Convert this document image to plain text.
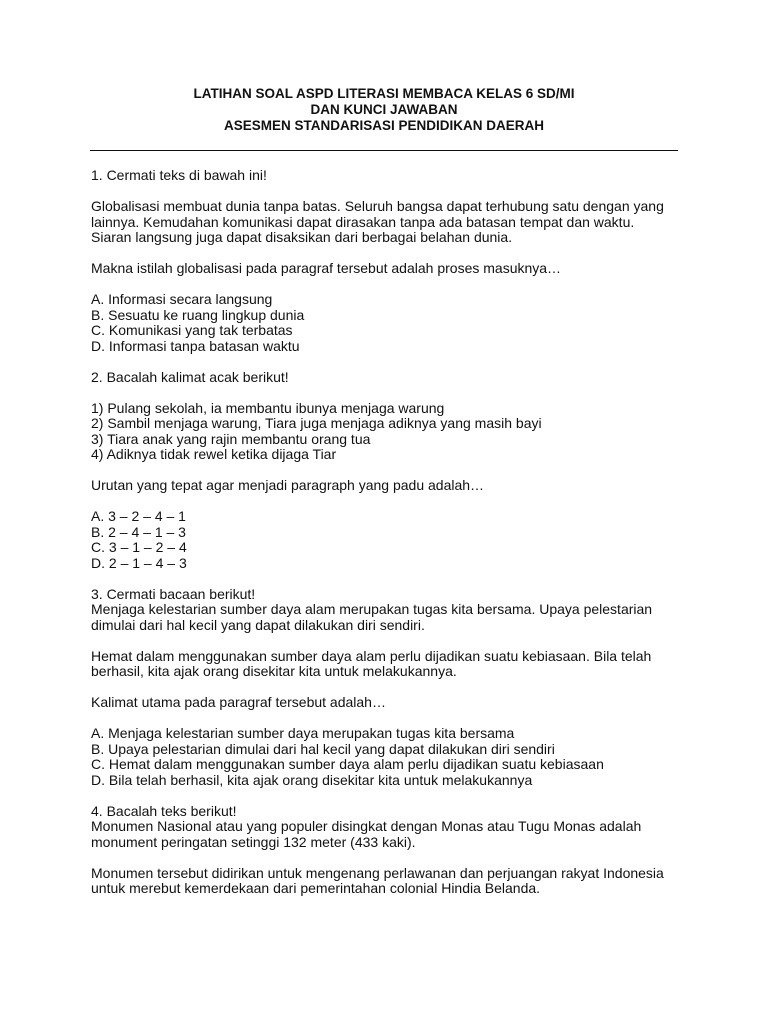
LATIHAN SOAL ASPD LITERASI MEMBACA KELAS 6 SD/MI
DAN KUNCI JAWABAN
ASESMEN STANDARISASI PENDIDIKAN DAERAH

1. Cermati teks di bawah ini!

Globalisasi membuat dunia tanpa batas. Seluruh bangsa dapat terhubung satu dengan yang

lainnya. Kemudahan komunikasi dapat dirasakan tanpa ada batasan tempat dan waktu.

Siaran langsung juga dapat disaksikan dari berbagai belahan dunia.

Makna istilah globalisasi pada paragraf tersebut adalah proses masuknya…

A. Informasi secara langsung

B. Sesuatu ke ruang lingkup dunia

C. Komunikasi yang tak terbatas

D. Informasi tanpa batasan waktu

2. Bacalah kalimat acak berikut!

1) Pulang sekolah, ia membantu ibunya menjaga warung

2) Sambil menjaga warung, Tiara juga menjaga adiknya yang masih bayi

3) Tiara anak yang rajin membantu orang tua

4) Adiknya tidak rewel ketika dijaga Tiar

Urutan yang tepat agar menjadi paragraph yang padu adalah…

A. 3 – 2 – 4 – 1

B. 2 – 4 – 1 – 3

C. 3 – 1 – 2 – 4

D. 2 – 1 – 4 – 3

3. Cermati bacaan berikut!

Menjaga kelestarian sumber daya alam merupakan tugas kita bersama. Upaya pelestarian

dimulai dari hal kecil yang dapat dilakukan diri sendiri.

Hemat dalam menggunakan sumber daya alam perlu dijadikan suatu kebiasaan. Bila telah

berhasil, kita ajak orang disekitar kita untuk melakukannya.

Kalimat utama pada paragraf tersebut adalah…

A. Menjaga kelestarian sumber daya merupakan tugas kita bersama

B. Upaya pelestarian dimulai dari hal kecil yang dapat dilakukan diri sendiri

C. Hemat dalam menggunakan sumber daya alam perlu dijadikan suatu kebiasaan

D. Bila telah berhasil, kita ajak orang disekitar kita untuk melakukannya

4. Bacalah teks berikut!

Monumen Nasional atau yang populer disingkat dengan Monas atau Tugu Monas adalah

monument peringatan setinggi 132 meter (433 kaki).

Monumen tersebut didirikan untuk mengenang perlawanan dan perjuangan rakyat Indonesia

untuk merebut kemerdekaan dari pemerintahan colonial Hindia Belanda.
